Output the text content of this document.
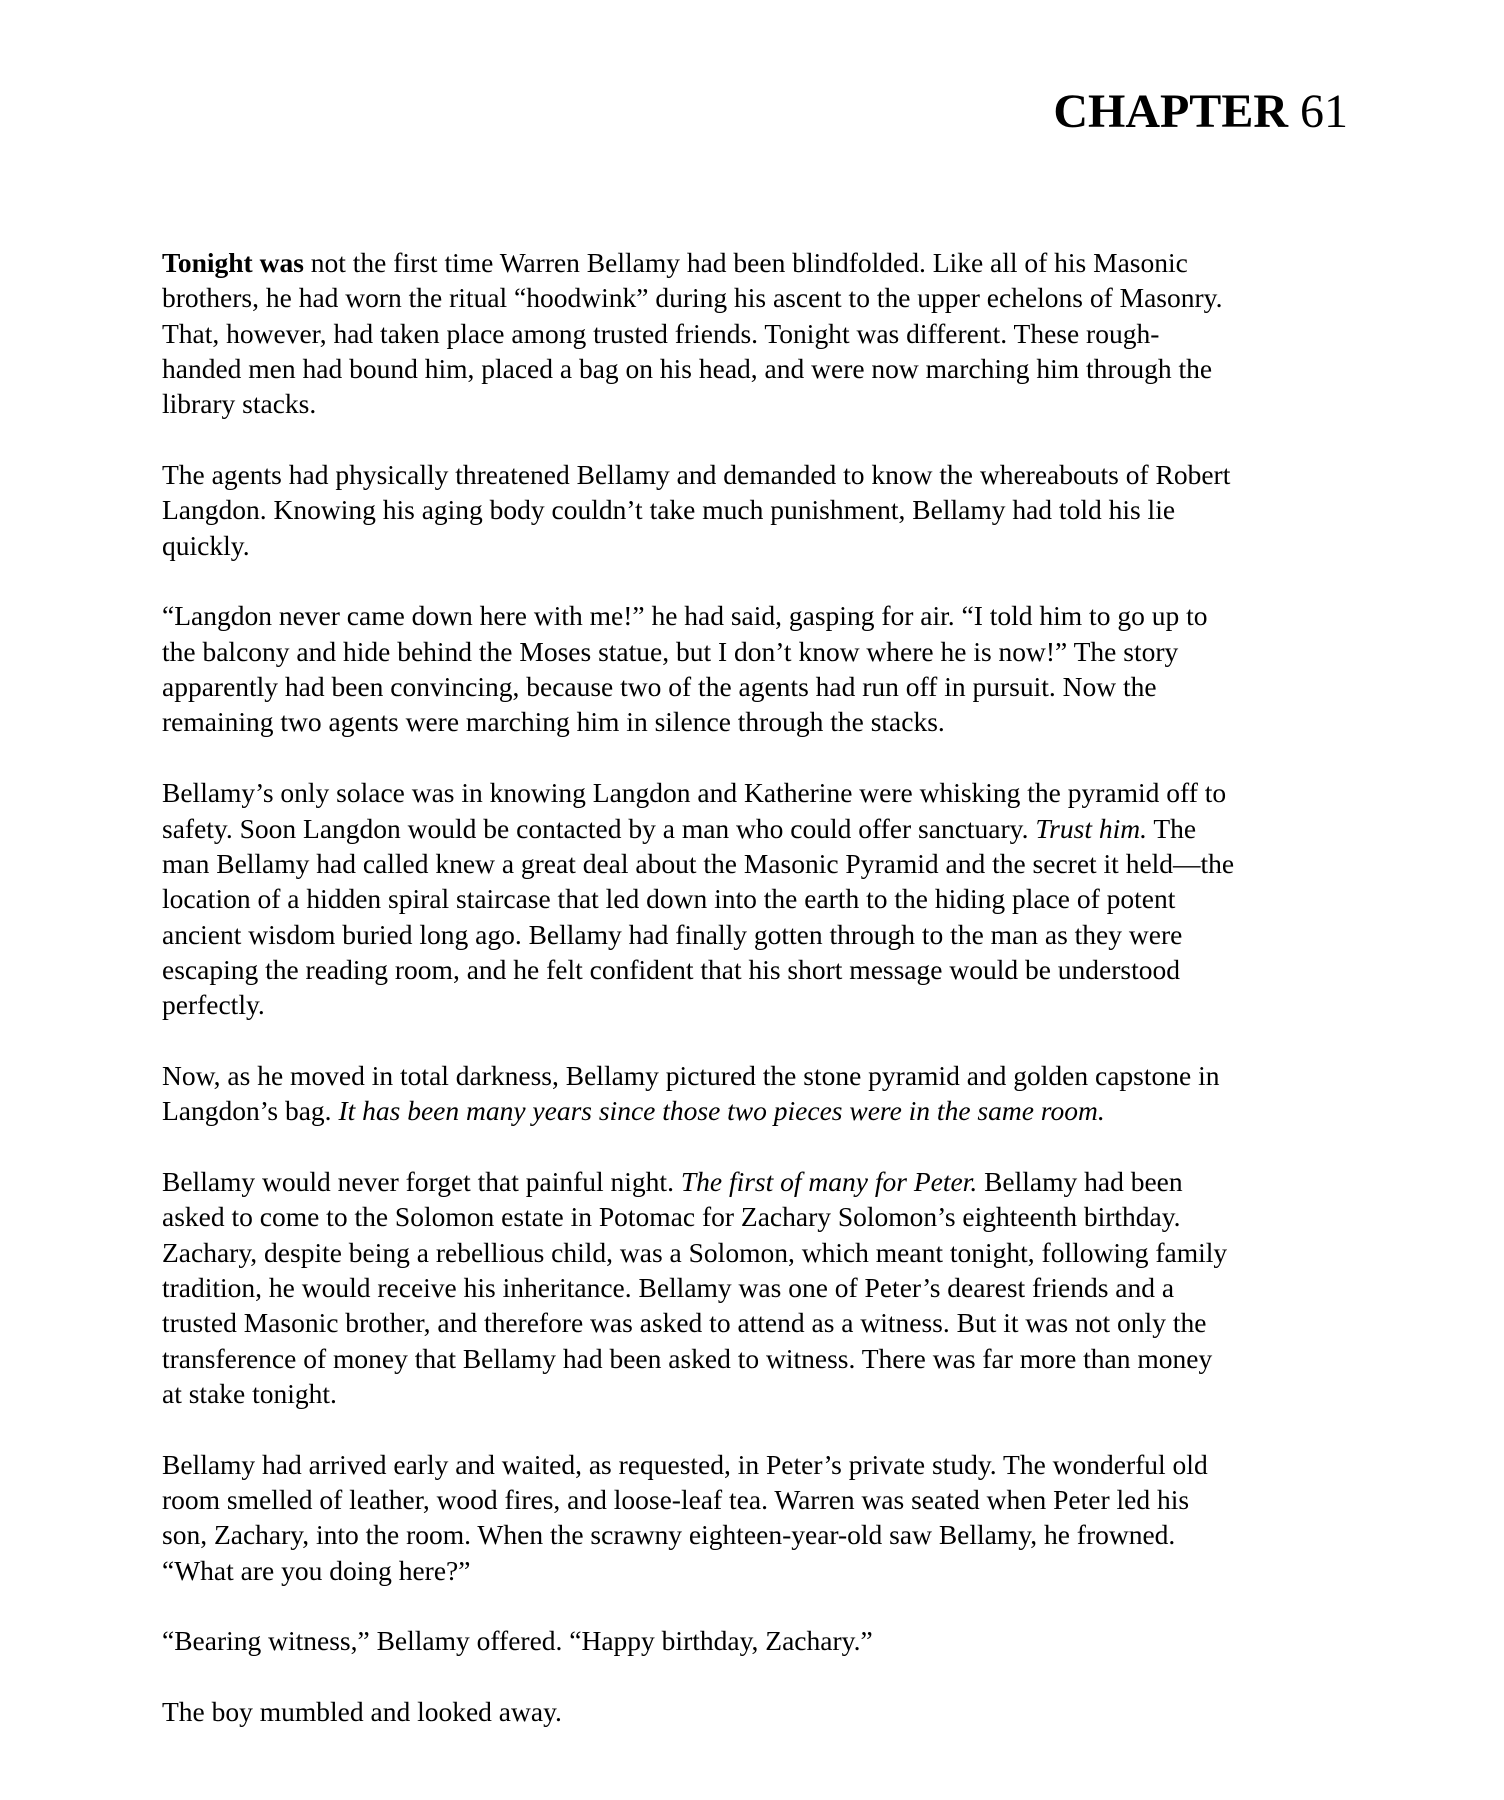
CHAPTER 61
Tonight was not the first time Warren Bellamy had been blindfolded. Like all of his Masonic
brothers, he had worn the ritual “hoodwink” during his ascent to the upper echelons of Masonry.
That, however, had taken place among trusted friends. Tonight was different. These rough-
handed men had bound him, placed a bag on his head, and were now marching him through the
library stacks.
The agents had physically threatened Bellamy and demanded to know the whereabouts of Robert
Langdon. Knowing his aging body couldn’t take much punishment, Bellamy had told his lie
quickly.
“Langdon never came down here with me!” he had said, gasping for air. “I told him to go up to
the balcony and hide behind the Moses statue, but I don’t know where he is now!” The story
apparently had been convincing, because two of the agents had run off in pursuit. Now the
remaining two agents were marching him in silence through the stacks.
Bellamy’s only solace was in knowing Langdon and Katherine were whisking the pyramid off to
safety. Soon Langdon would be contacted by a man who could offer sanctuary. Trust him. The
man Bellamy had called knew a great deal about the Masonic Pyramid and the secret it held—the
location of a hidden spiral staircase that led down into the earth to the hiding place of potent
ancient wisdom buried long ago. Bellamy had finally gotten through to the man as they were
escaping the reading room, and he felt confident that his short message would be understood
perfectly.
Now, as he moved in total darkness, Bellamy pictured the stone pyramid and golden capstone in
Langdon’s bag. It has been many years since those two pieces were in the same room.
Bellamy would never forget that painful night. The first of many for Peter. Bellamy had been
asked to come to the Solomon estate in Potomac for Zachary Solomon’s eighteenth birthday.
Zachary, despite being a rebellious child, was a Solomon, which meant tonight, following family
tradition, he would receive his inheritance. Bellamy was one of Peter’s dearest friends and a
trusted Masonic brother, and therefore was asked to attend as a witness. But it was not only the
transference of money that Bellamy had been asked to witness. There was far more than money
at stake tonight.
Bellamy had arrived early and waited, as requested, in Peter’s private study. The wonderful old
room smelled of leather, wood fires, and loose-leaf tea. Warren was seated when Peter led his
son, Zachary, into the room. When the scrawny eighteen-year-old saw Bellamy, he frowned.
“What are you doing here?”
“Bearing witness,” Bellamy offered. “Happy birthday, Zachary.”
The boy mumbled and looked away.
